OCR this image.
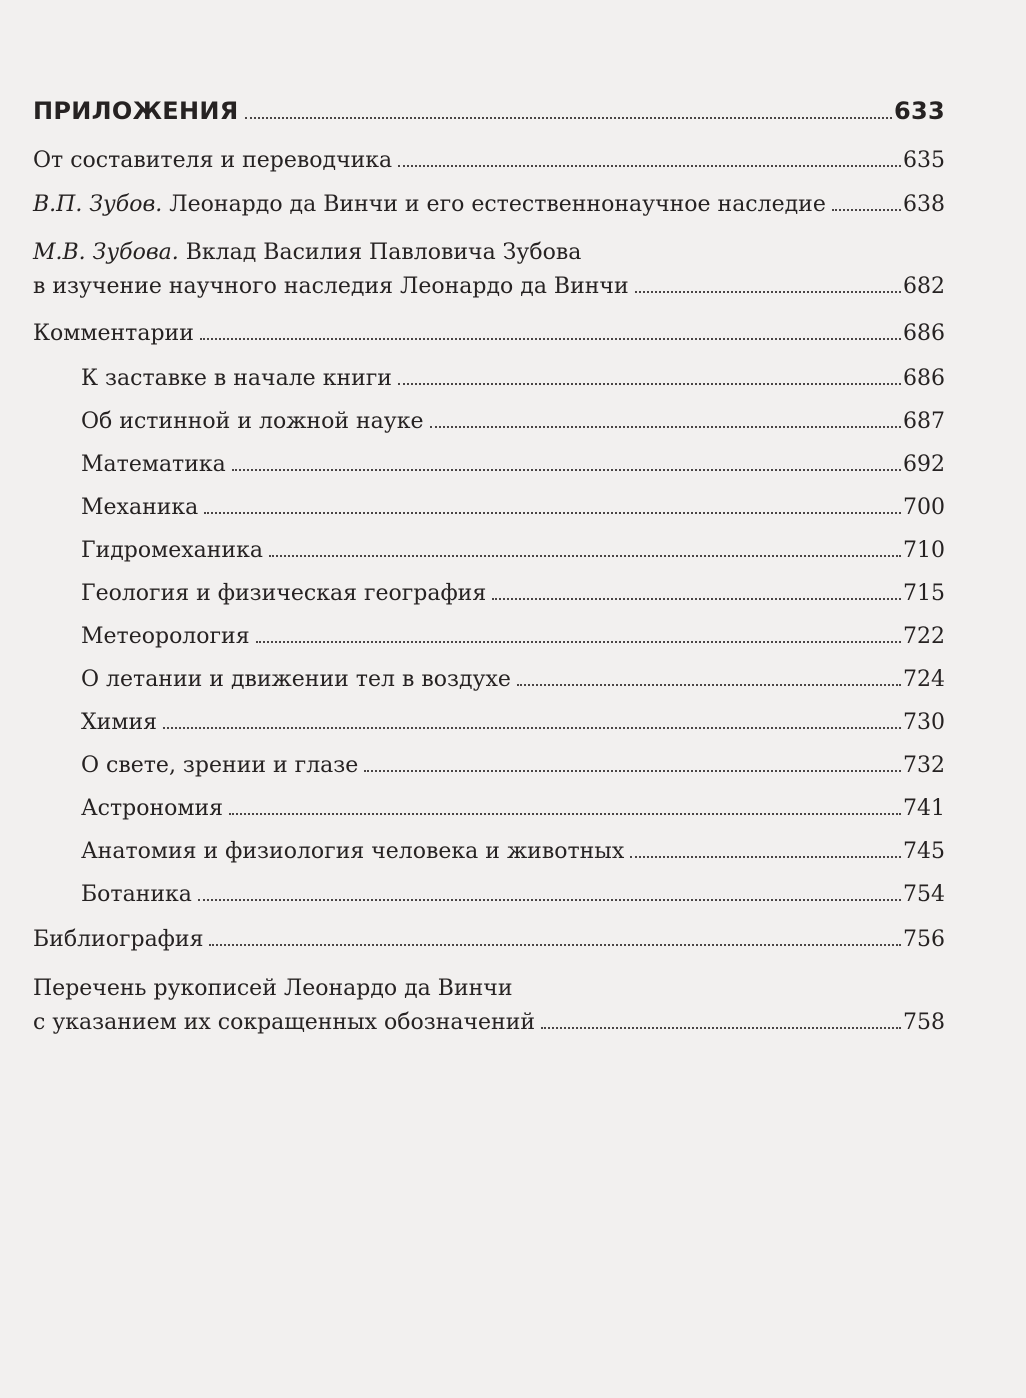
ПРИЛОЖЕНИЯ	633
От составителя и переводчика	635
В.П. Зубов. Леонардо да Винчи и его естественнонаучное наследие	638
М.В. Зубова. Вклад Василия Павловича Зубова
в изучение научного наследия Леонардо да Винчи	682
Комментарии	686
К заставке в начале книги	686
Об истинной и ложной науке	687
Математика	692
Механика	700
Гидромеханика	710
Геология и физическая география	715
Метеорология	722
О летании и движении тел в воздухе	724
Химия	730
О свете, зрении и глазе	732
Астрономия	741
Анатомия и физиология человека и животных	745
Ботаника	754
Библиография	756
Перечень рукописей Леонардо да Винчи
с указанием их сокращенных обозначений	758
